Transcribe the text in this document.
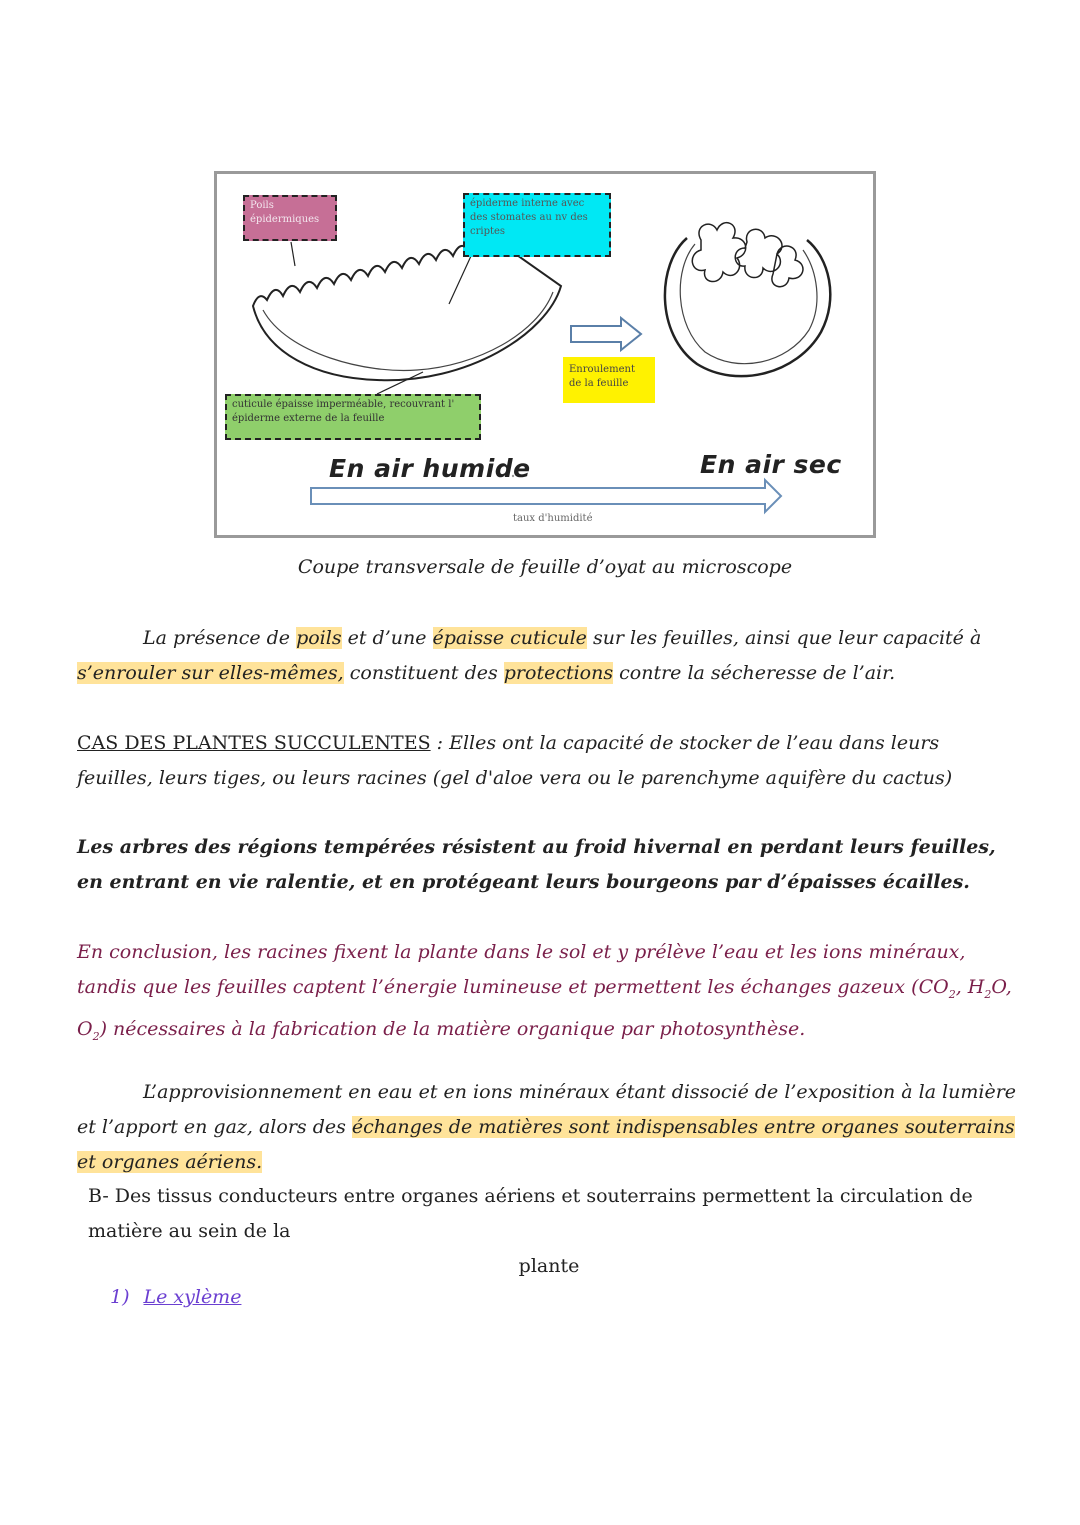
Poils épidermiques
épiderme interne avec des stomates au nv des criptes
cuticule épaisse imperméable, recouvrant l' épiderme externe de la feuille
Enroulement de la feuille
En air humide	En air sec
taux d'humidité
Coupe transversale de feuille d’oyat au microscope
La présence de poils et d’une épaisse cuticule sur les feuilles, ainsi que leur capacité à s’enrouler sur elles-mêmes, constituent des protections contre la sécheresse de l’air.
CAS DES PLANTES SUCCULENTES : Elles ont la capacité de stocker de l’eau dans leurs feuilles, leurs tiges, ou leurs racines (gel d'aloe vera ou le parenchyme aquifère du cactus)
Les arbres des régions tempérées résistent au froid hivernal en perdant leurs feuilles, en entrant en vie ralentie, et en protégeant leurs bourgeons par d’épaisses écailles.
En conclusion, les racines fixent la plante dans le sol et y prélève l’eau et les ions minéraux, tandis que les feuilles captent l’énergie lumineuse et permettent les échanges gazeux ($CO_2$, $H_2O$, $O_2$) nécessaires à la fabrication de la matière organique par photosynthèse.
L’approvisionnement en eau et en ions minéraux étant dissocié de l’exposition à la lumière et l’apport en gaz, alors des échanges de matières sont indispensables entre organes souterrains et organes aériens.
B- Des tissus conducteurs entre organes aériens et souterrains permettent la circulation de matière au sein de la
plante
1) Le xylème
